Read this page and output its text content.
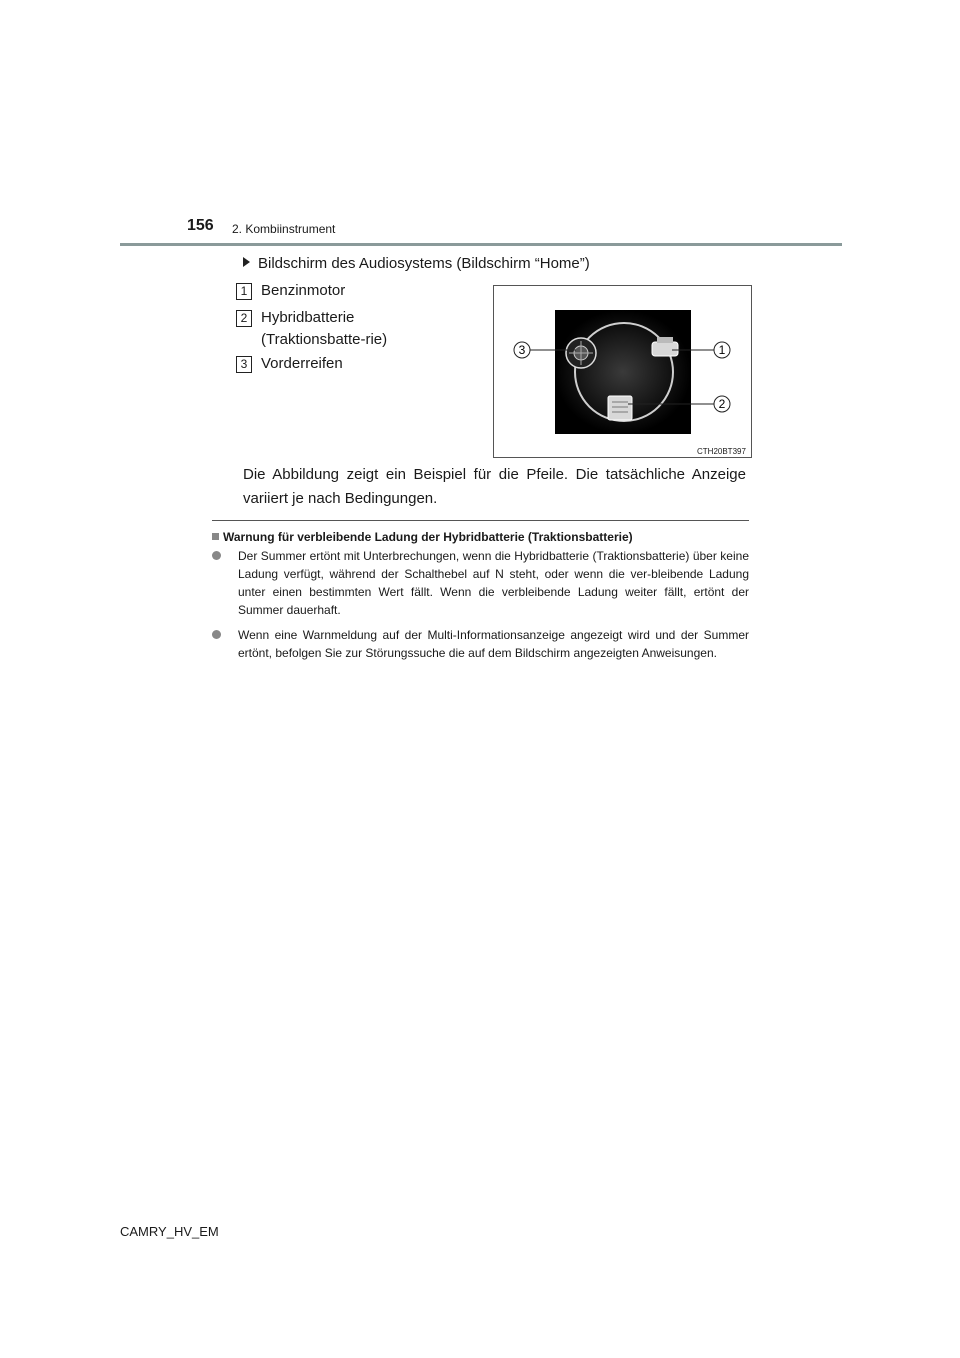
156 2. Kombiinstrument
Bildschirm des Audiosystems (Bildschirm “Home”)
1 Benzinmotor
2 Hybridbatterie (Traktionsbatte-rie)
3 Vorderreifen
3	1
2
CTH20BT397
Die Abbildung zeigt ein Beispiel für die Pfeile. Die tatsächliche Anzeige variiert je nach Bedingungen.
Warnung für verbleibende Ladung der Hybridbatterie (Traktionsbatterie)
Der Summer ertönt mit Unterbrechungen, wenn die Hybridbatterie (Traktionsbatterie) über keine Ladung verfügt, während der Schalthebel auf N steht, oder wenn die ver-bleibende Ladung unter einen bestimmten Wert fällt. Wenn die verbleibende Ladung weiter fällt, ertönt der Summer dauerhaft.
Wenn eine Warnmeldung auf der Multi-Informationsanzeige angezeigt wird und der Summer ertönt, befolgen Sie zur Störungssuche die auf dem Bildschirm angezeigten Anweisungen.
CAMRY_HV_EM
